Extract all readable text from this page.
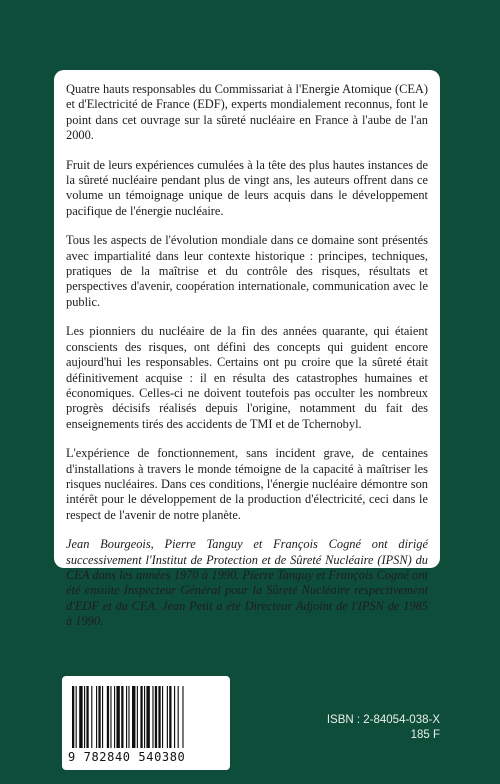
Quatre hauts responsables du Commissariat à l'Energie Atomique (CEA) et d'Electricité de France (EDF), experts mondialement reconnus, font le point dans cet ouvrage sur la sûreté nucléaire en France à l'aube de l'an 2000.

Fruit de leurs expériences cumulées à la tête des plus hautes instances de la sûreté nucléaire pendant plus de vingt ans, les auteurs offrent dans ce volume un témoignage unique de leurs acquis dans le développement pacifique de l'énergie nucléaire.

Tous les aspects de l'évolution mondiale dans ce domaine sont présentés avec impartialité dans leur contexte historique : principes, techniques, pratiques de la maîtrise et du contrôle des risques, résultats et perspectives d'avenir, coopération internationale, communication avec le public.

Les pionniers du nucléaire de la fin des années quarante, qui étaient conscients des risques, ont défini des concepts qui guident encore aujourd'hui les responsables. Certains ont pu croire que la sûreté était définitivement acquise : il en résulta des catastrophes humaines et économiques. Celles-ci ne doivent toutefois pas occulter les nombreux progrès décisifs réalisés depuis l'origine, notamment du fait des enseignements tirés des accidents de TMI et de Tchernobyl.

L'expérience de fonctionnement, sans incident grave, de centaines d'installations à travers le monde témoigne de la capacité à maîtriser les risques nucléaires. Dans ces conditions, l'énergie nucléaire démontre son intérêt pour le développement de la production d'électricité, ceci dans le respect de l'avenir de notre planète.

Jean Bourgeois, Pierre Tanguy et François Cogné ont dirigé successivement l'Institut de Protection et de Sûreté Nucléaire (IPSN) du CEA dans les années 1970 à 1990. Pierre Tanguy et François Cogné ont été ensuite Inspecteur Général pour la Sûreté Nucléaire respectivement d'EDF et du CEA. Jean Petit a été Directeur Adjoint de l'IPSN de 1985 à 1990.

9 782840 540380
ISBN : 2-84054-038-X
185 F
